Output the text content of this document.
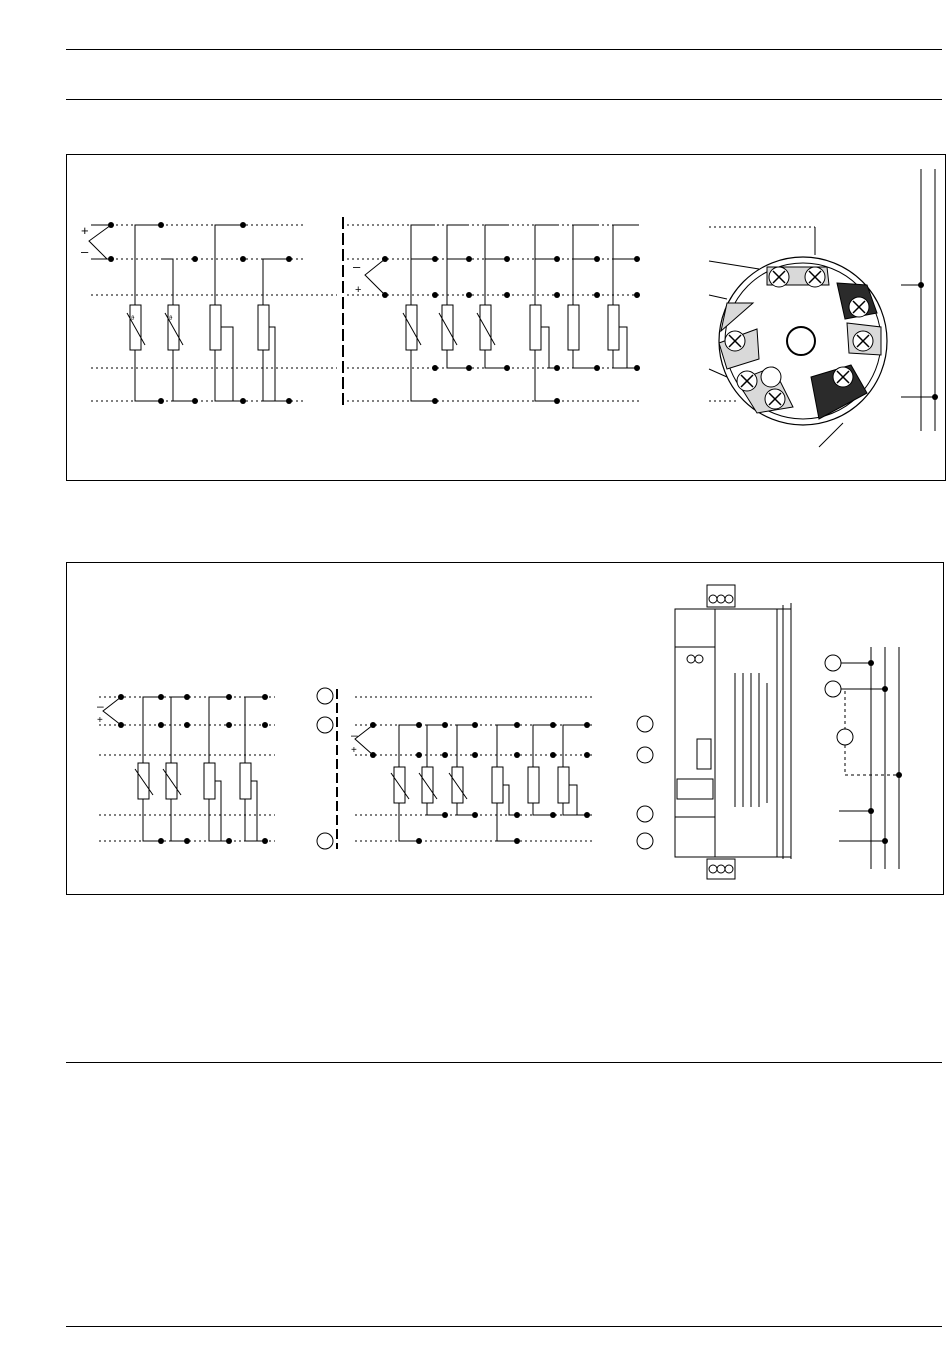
+
–
ϑ	ϑ
–
+
–
+
–
+
